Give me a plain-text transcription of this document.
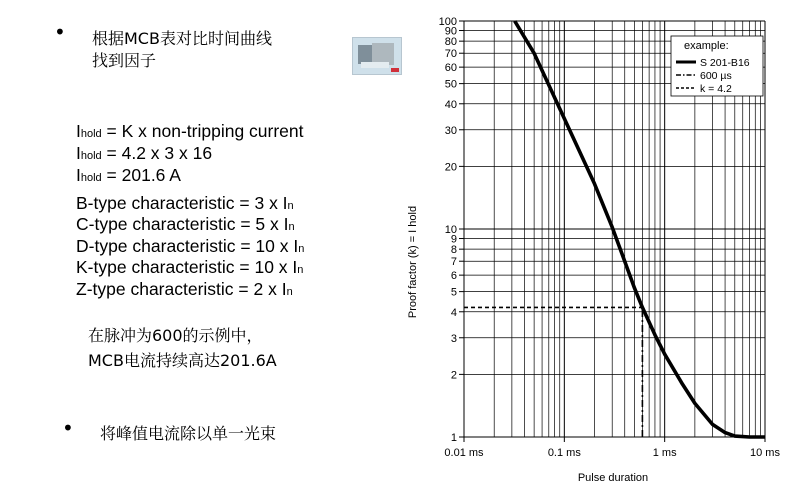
• 根据MCB表对比时间曲线
找到因子
Ihold = K x non-tripping current
Ihold = 4.2 x 3 x 16
Ihold = 201.6 A
B-type characteristic = 3 x In
C-type characteristic = 5 x In
D-type characteristic = 10 x In
K-type characteristic = 10 x In
Z-type characteristic = 2 x In
在脉冲为600的示例中，
MCB电流持续高达201.6A
• 将峰值电流除以单一光束	1
2
3
4
5
6
7
8
9
10
20
30
40
50
60
70
80
90
100
0.01 ms	0.1 ms	1 ms	10 ms
Pulse duration
Proof factor (k) = I hold
example:
S 201-B16
600 µs
k = 4.2
